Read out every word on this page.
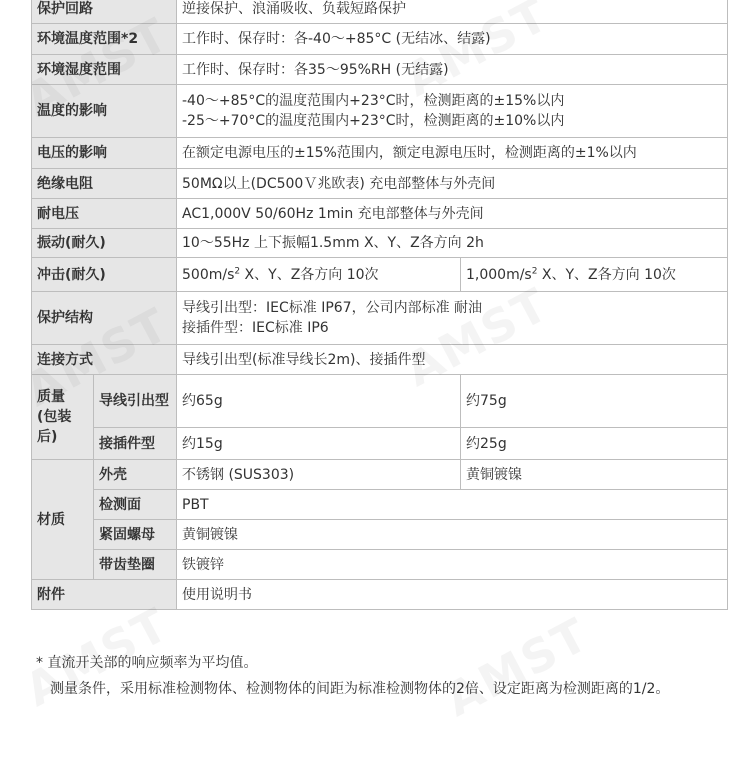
保护回路		逆接保护、浪涌吸收、负载短路保护	
环境温度范围*2		工作时、保存时：各-40～+85°C (无结冰、结露)	
环境湿度范围		工作时、保存时：各35～95%RH (无结露)	
温度的影响		-40～+85°C的温度范围内+23°C时，检测距离的±15%以内
-25～+70°C的温度范围内+23°C时，检测距离的±10%以内	

电压的影响		在额定电源电压的±15%范围内，额定电源电压时，检测距离的±1%以内	
绝缘电阻		50MΩ以上(DC500Ｖ兆欧表) 充电部整体与外壳间	
耐电压		AC1,000V 50/60Hz 1min 充电部整体与外壳间	
振动(耐久)		10～55Hz 上下振幅1.5mm X、Y、Z各方向 2h	
冲击(耐久)		$500m/s^2$ X、Y、Z各方向 10次	$1,000m/s^2$ X、Y、Z各方向 10次
保护结构		导线引出型：IEC标准 IP67，公司内部标准 耐油
接插件型：IEC标准 IP6	

连接方式		导线引出型(标准导线长2m)、接插件型	

质量
(包装
后)	导线引出型	约65g	约75g
	接插件型	约15g	约25g
材质	外壳	不锈钢 (SUS303)	黄铜镀镍
	检测面	PBT	
	紧固螺母	黄铜镀镍	
	带齿垫圈	铁镀锌	
附件		使用说明书	

* 直流开关部的响应频率为平均值。

测量条件，采用标准检测物体、检测物体的间距为标准检测物体的2倍、设定距离为检测距离的1/2。
